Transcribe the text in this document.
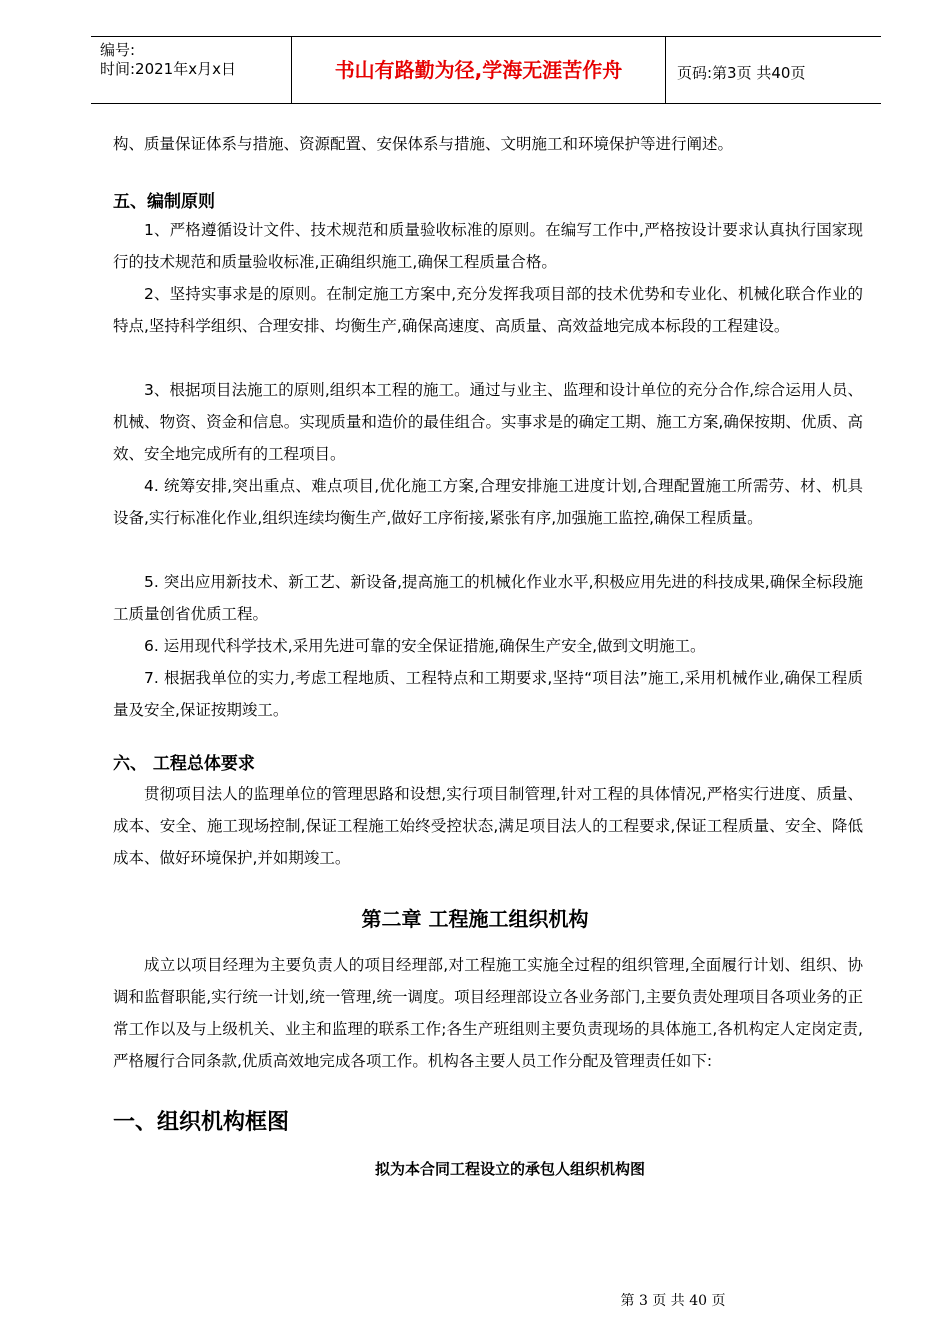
编号:
时间:2021年x月x日	书山有路勤为径,学海无涯苦作舟	页码:第3页 共40页
构、质量保证体系与措施、资源配置、安保体系与措施、文明施工和环境保护等进行阐述。
五、编制原则
1、严格遵循设计文件、技术规范和质量验收标准的原则。在编写工作中,严格按设计要求认真执行国家现行的技术规范和质量验收标准,正确组织施工,确保工程质量合格。
2、坚持实事求是的原则。在制定施工方案中,充分发挥我项目部的技术优势和专业化、机械化联合作业的特点,坚持科学组织、合理安排、均衡生产,确保高速度、高质量、高效益地完成本标段的工程建设。
3、根据项目法施工的原则,组织本工程的施工。通过与业主、监理和设计单位的充分合作,综合运用人员、机械、物资、资金和信息。实现质量和造价的最佳组合。实事求是的确定工期、施工方案,确保按期、优质、高效、安全地完成所有的工程项目。
4. 统筹安排,突出重点、难点项目,优化施工方案,合理安排施工进度计划,合理配置施工所需劳、材、机具设备,实行标准化作业,组织连续均衡生产,做好工序衔接,紧张有序,加强施工监控,确保工程质量。
5. 突出应用新技术、新工艺、新设备,提高施工的机械化作业水平,积极应用先进的科技成果,确保全标段施工质量创省优质工程。
6. 运用现代科学技术,采用先进可靠的安全保证措施,确保生产安全,做到文明施工。
7. 根据我单位的实力,考虑工程地质、工程特点和工期要求,坚持“项目法”施工,采用机械作业,确保工程质量及安全,保证按期竣工。
六、 工程总体要求
贯彻项目法人的监理单位的管理思路和设想,实行项目制管理,针对工程的具体情况,严格实行进度、质量、成本、安全、施工现场控制,保证工程施工始终受控状态,满足项目法人的工程要求,保证工程质量、安全、降低成本、做好环境保护,并如期竣工。
第二章 工程施工组织机构
成立以项目经理为主要负责人的项目经理部,对工程施工实施全过程的组织管理,全面履行计划、组织、协调和监督职能,实行统一计划,统一管理,统一调度。项目经理部设立各业务部门,主要负责处理项目各项业务的正常工作以及与上级机关、业主和监理的联系工作;各生产班组则主要负责现场的具体施工,各机构定人定岗定责,严格履行合同条款,优质高效地完成各项工作。机构各主要人员工作分配及管理责任如下:
一、组织机构框图
拟为本合同工程设立的承包人组织机构图
第 3 页 共 40 页
